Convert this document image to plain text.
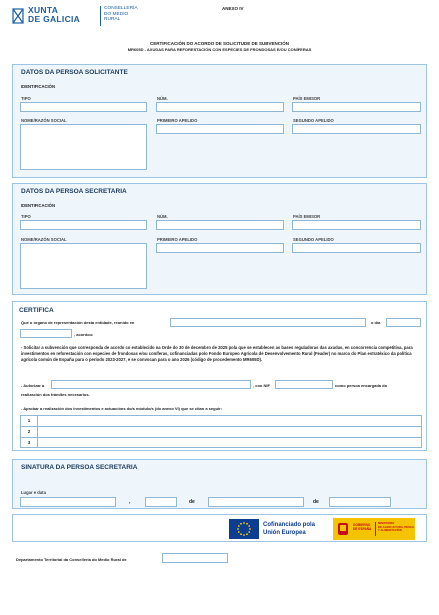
XUNTA
DE GALICIA
CONSELLERÍA
DO MEDIO
RURAL
ANEXO IV
CERTIFICACIÓN DO ACORDO DE SOLICITUDE DE SUBVENCIÓN
MR605D - AXUDAS PARA REFORESTACIÓN CON ESPECIES DE FRONDOSAS E/OU CONÍFERAS
DATOS DA PERSOA SOLICITANTE
IDENTIFICACIÓN
TIPO	NÚM.	PAÍS EMISOR
NOME/RAZÓN SOCIAL	PRIMEIRO APELIDO	SEGUNDO APELIDO
DATOS DA PERSOA SECRETARIA
IDENTIFICACIÓN
TIPO	NÚM.	PAÍS EMISOR
NOME/RAZÓN SOCIAL	PRIMEIRO APELIDO	SEGUNDO APELIDO
CERTIFICA
Que o órgano de representación desta entidade, reunido en	o día
, acordou:
- Solicitar a subvención que corresponda de acordo co establecido na Orde do 30 de decembro de 2025 pola que se establecen as bases reguladoras das axudas, en concorrencia competitiva, para investimentos en reforestación con especies de frondosas e/ou coníferas, cofinanciadas polo Fondo Europeo Agrícola de Desenvolvemento Rural (Feader) no marco do Plan estratéxico da política agrícola común de España para o período 2023-2027, e se convocan para o ano 2026 (código de procedemento MR605D).
- Autorizar a	, con NIF	como persoa encargada da
realización dos trámites necesarios.
- Aprobar a realización dos investimentos e actuacións do/s módulo/s (do anexo VI) que se citan a seguir:
1
2
3
SINATURA DA PERSOA SECRETARIA
Lugar e data
,	de	de
Cofinanciado pola
Unión Europea
GOBIERNO
DE ESPAÑA
MINISTERIO
DE AGRICULTURA, PESCA
Y ALIMENTACIÓN
Departamento Territorial da Consellería do Medio Rural de
